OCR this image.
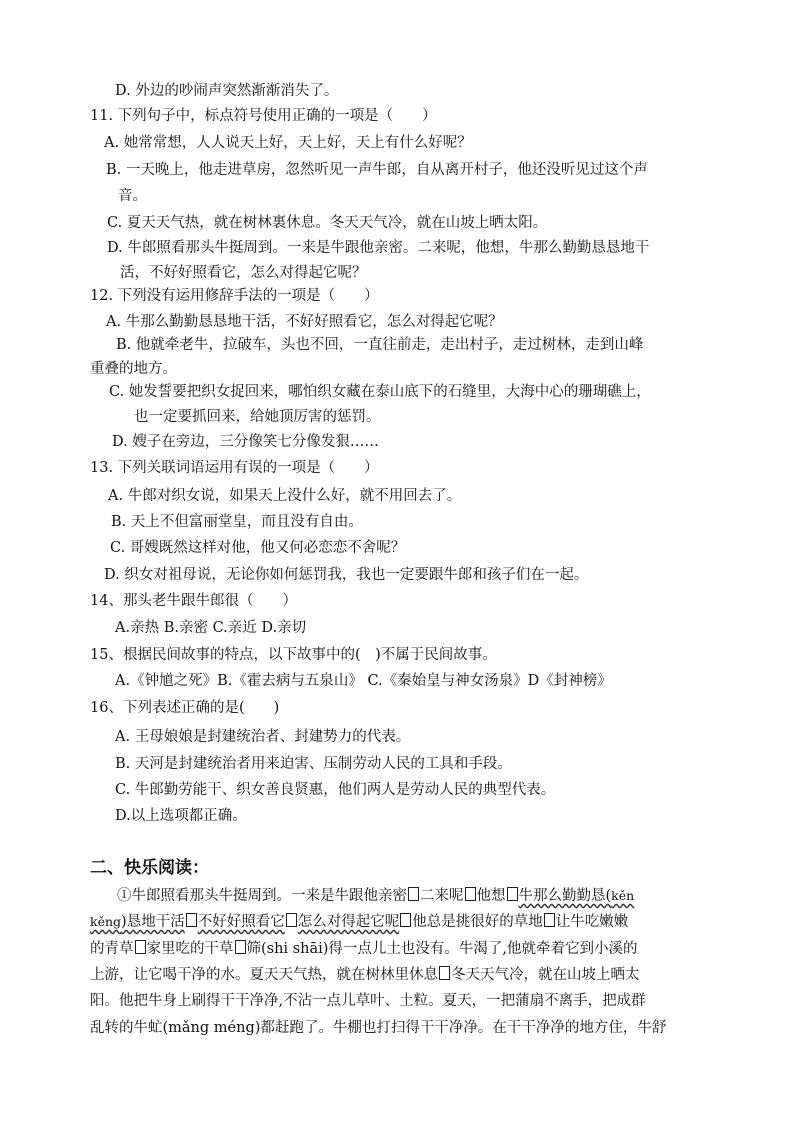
D. 外边的吵闹声突然渐渐消失了。
11. 下列句子中，标点符号使用正确的一项是（　　）
A. 她常常想，人人说天上好，天上好，天上有什么好呢？
B. 一天晚上，他走进草房，忽然听见一声牛郎，自从离开村子，他还没听见过这个声
音。
C. 夏天天气热，就在树林裏休息。冬天天气冷，就在山坡上晒太阳。
D. 牛郎照看那头牛挺周到。一来是牛跟他亲密。二来呢，他想，牛那么勤勤恳恳地干
活，不好好照看它，怎么对得起它呢？
12. 下列没有运用修辞手法的一项是（　　）
A. 牛那么勤勤恳恳地干活，不好好照看它，怎么对得起它呢？
B. 他就牵老牛，拉破车，头也不回，一直往前走，走出村子，走过树林，走到山峰
重叠的地方。
C. 她发誓要把织女捉回来，哪怕织女藏在泰山底下的石缝里，大海中心的珊瑚礁上，
也一定要抓回来，给她顶厉害的惩罚。
D. 嫂子在旁边，三分像笑七分像发狠……
13. 下列关联词语运用有误的一项是（　　）
A. 牛郎对织女说，如果天上没什么好，就不用回去了。
B. 天上不但富丽堂皇，而且没有自由。
C. 哥嫂既然这样对他，他又何必恋恋不舍呢？
D. 织女对祖母说，无论你如何惩罚我，我也一定要跟牛郎和孩子们在一起。
14、那头老牛跟牛郎很（　　）
A.亲热 B.亲密 C.亲近 D.亲切
15、根据民间故事的特点，以下故事中的(　)不属于民间故事。
A.《钟馗之死》B.《霍去病与五泉山》 C.《秦始皇与神女汤泉》D《封神榜》
16、下列表述正确的是(　　)
A. 王母娘娘是封建统治者、封建势力的代表。
B. 天河是封建统治者用来迫害、压制劳动人民的工具和手段。
C. 牛郎勤劳能干、织女善良贤惠，他们两人是劳动人民的典型代表。
D.以上选项都正确。
二、快乐阅读：
①牛郎照看那头牛挺周到。一来是牛跟他亲密 二来呢 他想 牛那么勤勤恳(kěn
kěng)恳地干活 不好好照看它 怎么对得起它呢 他总是挑很好的草地 让牛吃嫩嫩
的青草 家里吃的干草 筛(shi shāi)得一点儿土也没有。牛渴了,他就牵着它到小溪的
上游，让它喝干净的水。夏天天气热，就在树林里休息 冬天天气冷，就在山坡上晒太
阳。他把牛身上刷得干干净净,不沾一点儿草叶、土粒。夏天，一把蒲扇不离手，把成群
乱转的牛虻(mǎng méng)都赶跑了。牛棚也打扫得干干净净。在干干净净的地方住，牛舒
